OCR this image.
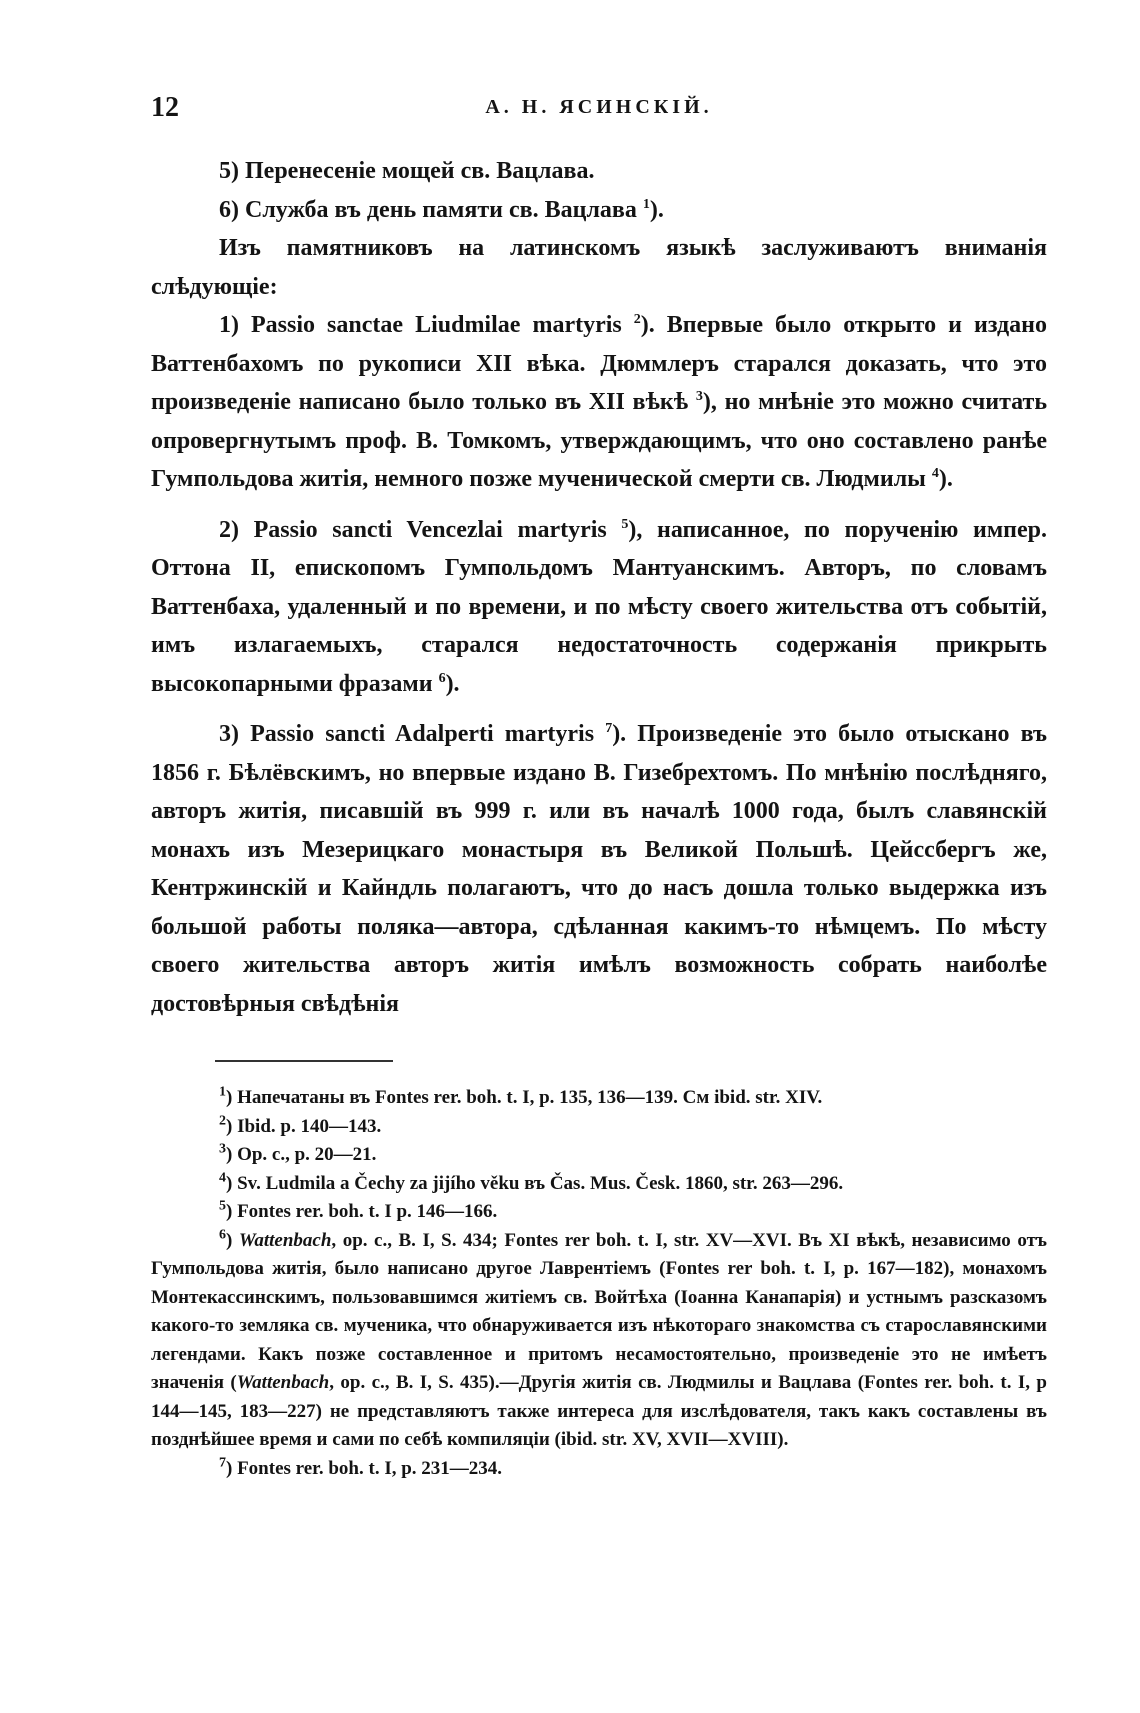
12	А. Н. ЯСИНСКІЙ.

5) Перенесеніе мощей св. Вацлава.

6) Служба въ день памяти св. Вацлава $^1$).

Изъ памятниковъ на латинскомъ языкѣ заслуживаютъ вниманія слѣдующіе:

1) Passio sanctae Liudmilae martyris $^2$). Впервые было открыто и издано Ваттенбахомъ по рукописи XII вѣка. Дюммлеръ старался доказать, что это произведеніе написано было только въ XII вѣкѣ $^3$), но мнѣніе это можно считать опровергнутымъ проф. В. Томкомъ, утверждающимъ, что оно составлено ранѣе Гумпольдова житія, немного позже мученической смерти св. Людмилы $^4$).

2) Passio sancti Vencezlai martyris $^5$), написанное, по порученію импер. Оттона II, епископомъ Гумпольдомъ Мантуанскимъ. Авторъ, по словамъ Ваттенбаха, удаленный и по времени, и по мѣсту своего жительства отъ событій, имъ излагаемыхъ, старался недостаточность содержанія прикрыть высокопарными фразами $^6$).

3) Passio sancti Adalperti martyris $^7$). Произведеніе это было отыскано въ 1856 г. Бѣлёвскимъ, но впервые издано В. Гизебрехтомъ. По мнѣнію послѣдняго, авторъ житія, писавшій въ 999 г. или въ началѣ 1000 года, былъ славянскій монахъ изъ Мезерицкаго монастыря въ Великой Польшѣ. Цейссбергъ же, Кентржинскій и Кайндль полагаютъ, что до насъ дошла только выдержка изъ большой работы поляка—автора, сдѣланная какимъ-то нѣмцемъ. По мѣсту своего жительства авторъ житія имѣлъ возможность собрать наиболѣе достовѣрныя свѣдѣнія

$^1$) Напечатаны въ Fontes rer. boh. t. I, p. 135, 136—139. См ibid. str. XIV.

$^2$) Ibid. p. 140—143.

$^3$) Op. c., p. 20—21.

$^4$) Sv. Ludmila a Čechy za jijího věku въ Čas. Mus. Česk. 1860, str. 263—296.

$^5$) Fontes rer. boh. t. I p. 146—166.

$^6$) Wattenbach, op. c., B. I, S. 434; Fontes rer boh. t. I, str. XV—XVI. Въ XI вѣкѣ, независимо отъ Гумпольдова житія, было написано другое Лаврентіемъ (Fontes rer boh. t. I, p. 167—182), монахомъ Монтекассинскимъ, пользовавшимся житіемъ св. Войтѣха (Іоанна Канапарія) и устнымъ разсказомъ какого-то земляка св. мученика, что обнаруживается изъ нѣкотораго знакомства съ старославянскими легендами. Какъ позже составленное и притомъ несамостоятельно, произведеніе это не имѣетъ значенія (Wattenbach, op. c., B. I, S. 435).—Другія житія св. Людмилы и Вацлава (Fontes rer. boh. t. I, p 144—145, 183—227) не представляютъ также интереса для изслѣдователя, такъ какъ составлены въ позднѣйшее время и сами по себѣ компиляціи (ibid. str. XV, XVII—XVIII).

$^7$) Fontes rer. boh. t. I, p. 231—234.
